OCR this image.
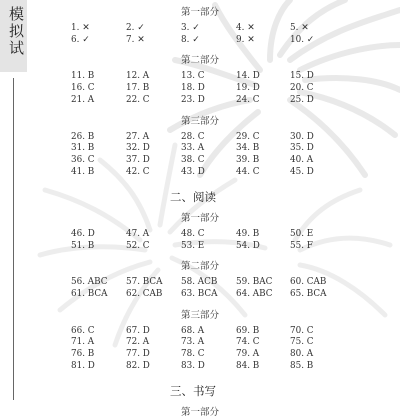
模拟试	第一部分
1. ✕	2. ✓	3. ✓	4. ✕	5. ✕
6. ✓	7. ✕	8. ✓	9. ✕	10. ✓
第二部分
11. B	12. A	13. C	14. D	15. D
16. C	17. B	18. D	19. D	20. C
21. A	22. C	23. D	24. C	25. D
第三部分
26. B	27. A	28. C	29. C	30. D
31. B	32. D	33. A	34. B	35. D
36. C	37. D	38. C	39. B	40. A
41. B	42. C	43. D	44. C	45. D
二、阅读
第一部分
46. D	47. A	48. C	49. B	50. E
51. B	52. C	53. E	54. D	55. F
第二部分
56. ABC 57. BCA 58. ACB 59. BAC 60. CAB
61. BCA 62. CAB 63. BCA 64. ABC 65. BCA
第三部分
66. C	67. D	68. A	69. B	70. C
71. A	72. A	73. A	74. C	75. C
76. B	77. D	78. C	79. A	80. A
81. D	82. D	83. D	84. B	85. B
三、书写
第一部分
